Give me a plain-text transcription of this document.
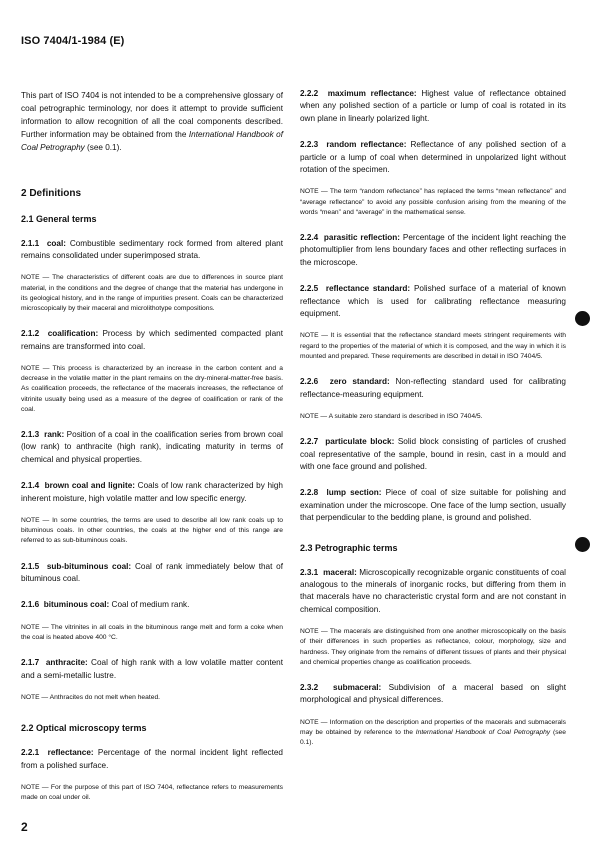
ISO 7404/1-1984 (E)

This part of ISO 7404 is not intended to be a comprehensive glossary of coal petrographic terminology, nor does it attempt to provide sufficient information to allow recognition of all the coal components described. Further information may be obtained from the International Handbook of Coal Petrography (see 0.1).

2 Definitions
2.1 General terms

2.1.1 coal: Combustible sedimentary rock formed from altered plant remains consolidated under superimposed strata.

NOTE — The characteristics of different coals are due to differences in source plant material, in the conditions and the degree of change that the material has undergone in its geological history, and in the range of impurities present. Coals can be characterized microscopically by their maceral and microlithotype compositions.

2.1.2 coalification: Process by which sedimented compacted plant remains are transformed into coal.

NOTE — This process is characterized by an increase in the carbon content and a decrease in the volatile matter in the plant remains on the dry-mineral-matter-free basis. As coalification proceeds, the reflectance of the macerals increases, the reflectance of vitrinite usually being used as a measure of the degree of coalification or rank of the coal.

2.1.3 rank: Position of a coal in the coalification series from brown coal (low rank) to anthracite (high rank), indicating maturity in terms of chemical and physical properties.

2.1.4 brown coal and lignite: Coals of low rank characterized by high inherent moisture, high volatile matter and low specific energy.

NOTE — In some countries, the terms are used to describe all low rank coals up to bituminous coals. In other countries, the coals at the higher end of this range are referred to as sub-bituminous coals.

2.1.5 sub-bituminous coal: Coal of rank immediately below that of bituminous coal.

2.1.6 bituminous coal: Coal of medium rank.

NOTE — The vitrinites in all coals in the bituminous range melt and form a coke when the coal is heated above 400 °C.

2.1.7 anthracite: Coal of high rank with a low volatile matter content and a semi-metallic lustre.

NOTE — Anthracites do not melt when heated.

2.2 Optical microscopy terms

2.2.1 reflectance: Percentage of the normal incident light reflected from a polished surface.

NOTE — For the purpose of this part of ISO 7404, reflectance refers to measurements made on coal under oil.

2.2.2 maximum reflectance: Highest value of reflectance obtained when any polished section of a particle or lump of coal is rotated in its own plane in linearly polarized light.

2.2.3 random reflectance: Reflectance of any polished section of a particle or a lump of coal when determined in unpolarized light without rotation of the specimen.

NOTE — The term “random reflectance” has replaced the terms “mean reflectance” and “average reflectance” to avoid any possible confusion arising from the meaning of the words “mean” and “average” in the mathematical sense.

2.2.4 parasitic reflection: Percentage of the incident light reaching the photomultiplier from lens boundary faces and other reflecting surfaces in the microscope.

2.2.5 reflectance standard: Polished surface of a material of known reflectance which is used for calibrating reflectance measuring equipment.

NOTE — It is essential that the reflectance standard meets stringent requirements with regard to the properties of the material of which it is composed, and the way in which it is mounted and prepared. These requirements are described in detail in ISO 7404/5.

2.2.6 zero standard: Non-reflecting standard used for calibrating reflectance-measuring equipment.

NOTE — A suitable zero standard is described in ISO 7404/5.

2.2.7 particulate block: Solid block consisting of particles of crushed coal representative of the sample, bound in resin, cast in a mould and with one face ground and polished.

2.2.8 lump section: Piece of coal of size suitable for polishing and examination under the microscope. One face of the lump section, usually that perpendicular to the bedding plane, is ground and polished.

2.3 Petrographic terms

2.3.1 maceral: Microscopically recognizable organic constituents of coal analogous to the minerals of inorganic rocks, but differing from them in that macerals have no characteristic crystal form and are not constant in chemical composition.

NOTE — The macerals are distinguished from one another microscopically on the basis of their differences in such properties as reflectance, colour, morphology, size and hardness. They originate from the remains of different tissues of plants and their physical and chemical properties change as coalification proceeds.

2.3.2 submaceral: Subdivision of a maceral based on slight morphological and physical differences.

NOTE — Information on the description and properties of the macerals and submacerals may be obtained by reference to the International Handbook of Coal Petrography (see 0.1).

2
